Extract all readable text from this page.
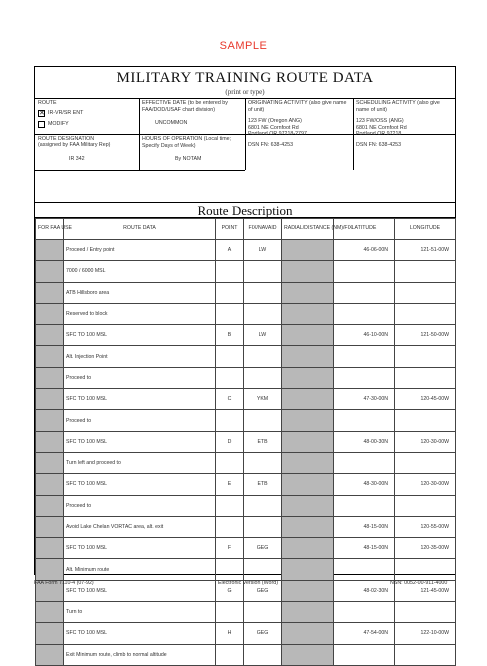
SAMPLE
MILITARY TRAINING ROUTE DATA
(print or type)
ROUTE
✕ IR-VR/SR ENT
MODIFY
EFFECTIVE DATE (to be entered by FAA/DOD/USAF chart division)
UNCOMMON
ORIGINATING ACTIVITY (also give name of unit)
123 FW (Oregon ANG)
6801 NE Cornfoot Rd
Portland OR 97218-2797
DSN FN: 638-4253
SCHEDULING ACTIVITY (also give name of unit)
123 FW/OSS (ANG)
6801 NE Cornfoot Rd
Portland OR 97218
DSN FN: 638-4253
ROUTE DESIGNATION
(assigned by FAA Military Rep)
IR 342
HOURS OF OPERATION (Local time; Specify Days of Week)
By NOTAM
Route Description
FOR FAA USE	ROUTE DATA	POINT	FIX/NAVAID	RADIAL/DISTANCE (NM)/FIX	LATITUDE	LONGITUDE
	Proceed / Entry point	A	LW		46-06-00N	121-51-00W
	7000 / 6000 MSL					
	ATB Hillsboro area					
	Reserved to block					
	SFC TO 100 MSL	B	LW		46-10-00N	121-50-00W
	Alt. Injection Point					
	Proceed to					
	SFC TO 100 MSL	C	YKM		47-30-00N	120-45-00W
	Proceed to					
	SFC TO 100 MSL	D	ETB		48-00-30N	120-30-00W
	Turn left and proceed to					
	SFC TO 100 MSL	E	ETB		48-30-00N	120-30-00W
	Proceed to					
	Avoid Lake Chelan VORTAC area, alt. exit				48-15-00N	120-55-00W
	SFC TO 100 MSL	F	GEG		48-15-00N	120-35-00W
	Alt. Minimum route					
	SFC TO 100 MSL	G	GEG		48-02-30N	121-45-00W
	Turn to					
	SFC TO 100 MSL	H	GEG		47-54-00N	122-10-00W
	Exit Minimum route, climb to normal altitude					
FAA Form 7110-4 (07-92)	Electronic Version (Word)	NSN: 0052-00-911-4000
